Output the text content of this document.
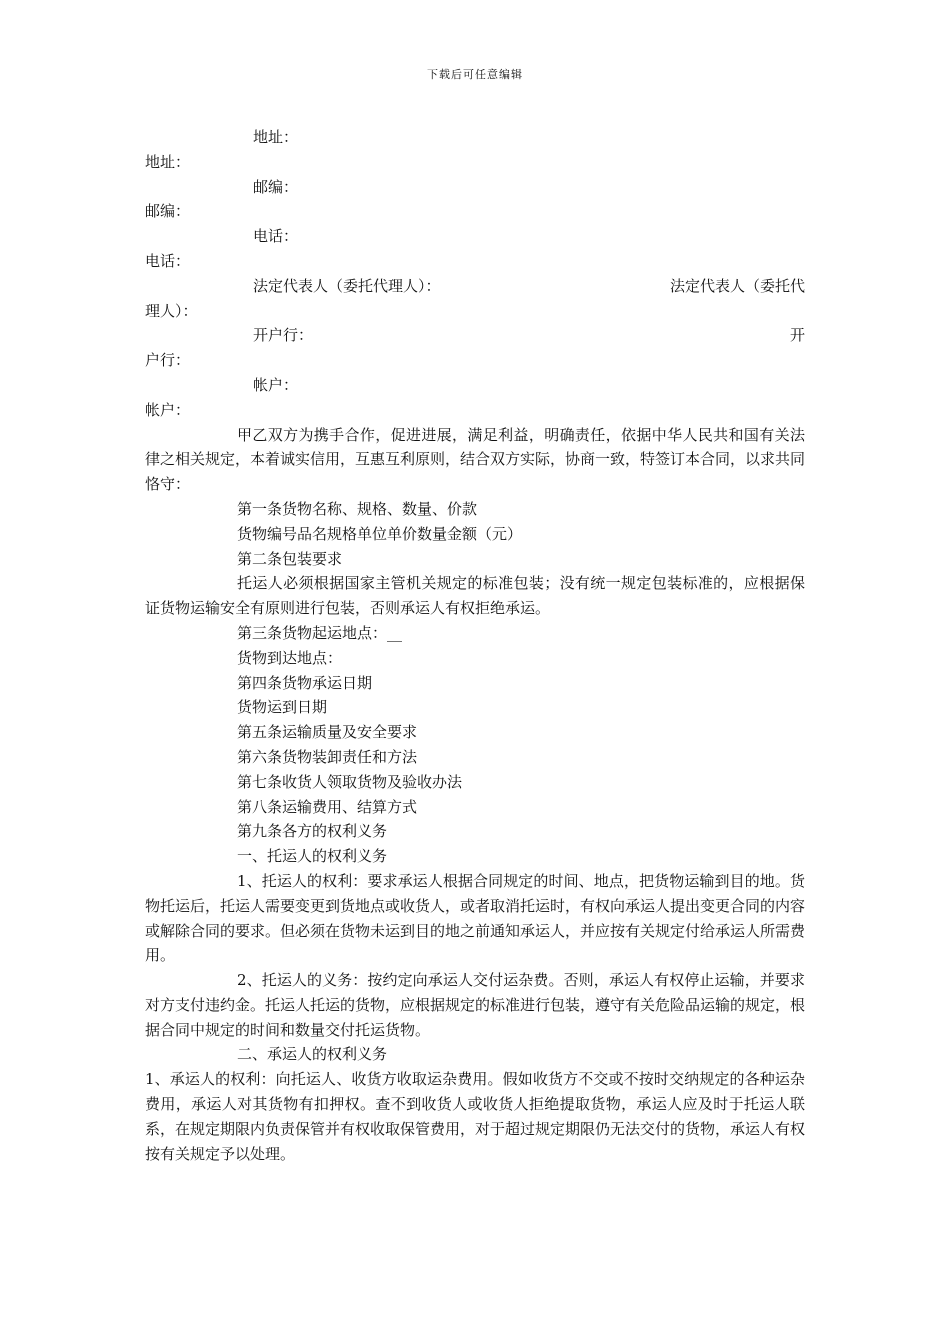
下载后可任意编辑

地址：

地址：

邮编：

邮编：

电话：

电话：

法定代表人（委托代理人）：	法定代表人（委托代

理人）：

开户行：	开

户行：

帐户：

帐户：

甲乙双方为携手合作，促进进展，满足利益，明确责任，依据中华人民共和国有关法律之相关规定，本着诚实信用，互惠互利原则，结合双方实际，协商一致，特签订本合同，以求共同恪守：

第一条货物名称、规格、数量、价款

货物编号品名规格单位单价数量金额（元）

第二条包装要求

托运人必须根据国家主管机关规定的标准包装；没有统一规定包装标准的，应根据保证货物运输安全有原则进行包装，否则承运人有权拒绝承运。

第三条货物起运地点：__

货物到达地点：

第四条货物承运日期

货物运到日期

第五条运输质量及安全要求

第六条货物装卸责任和方法

第七条收货人领取货物及验收办法

第八条运输费用、结算方式

第九条各方的权利义务

一、托运人的权利义务

1、托运人的权利：要求承运人根据合同规定的时间、地点，把货物运输到目的地。货物托运后，托运人需要变更到货地点或收货人，或者取消托运时，有权向承运人提出变更合同的内容或解除合同的要求。但必须在货物未运到目的地之前通知承运人，并应按有关规定付给承运人所需费用。

2、托运人的义务：按约定向承运人交付运杂费。否则，承运人有权停止运输，并要求对方支付违约金。托运人托运的货物，应根据规定的标准进行包装，遵守有关危险品运输的规定，根据合同中规定的时间和数量交付托运货物。

二、承运人的权利义务

1、承运人的权利：向托运人、收货方收取运杂费用。假如收货方不交或不按时交纳规定的各种运杂费用，承运人对其货物有扣押权。查不到收货人或收货人拒绝提取货物，承运人应及时于托运人联系，在规定期限内负责保管并有权收取保管费用，对于超过规定期限仍无法交付的货物，承运人有权按有关规定予以处理。
